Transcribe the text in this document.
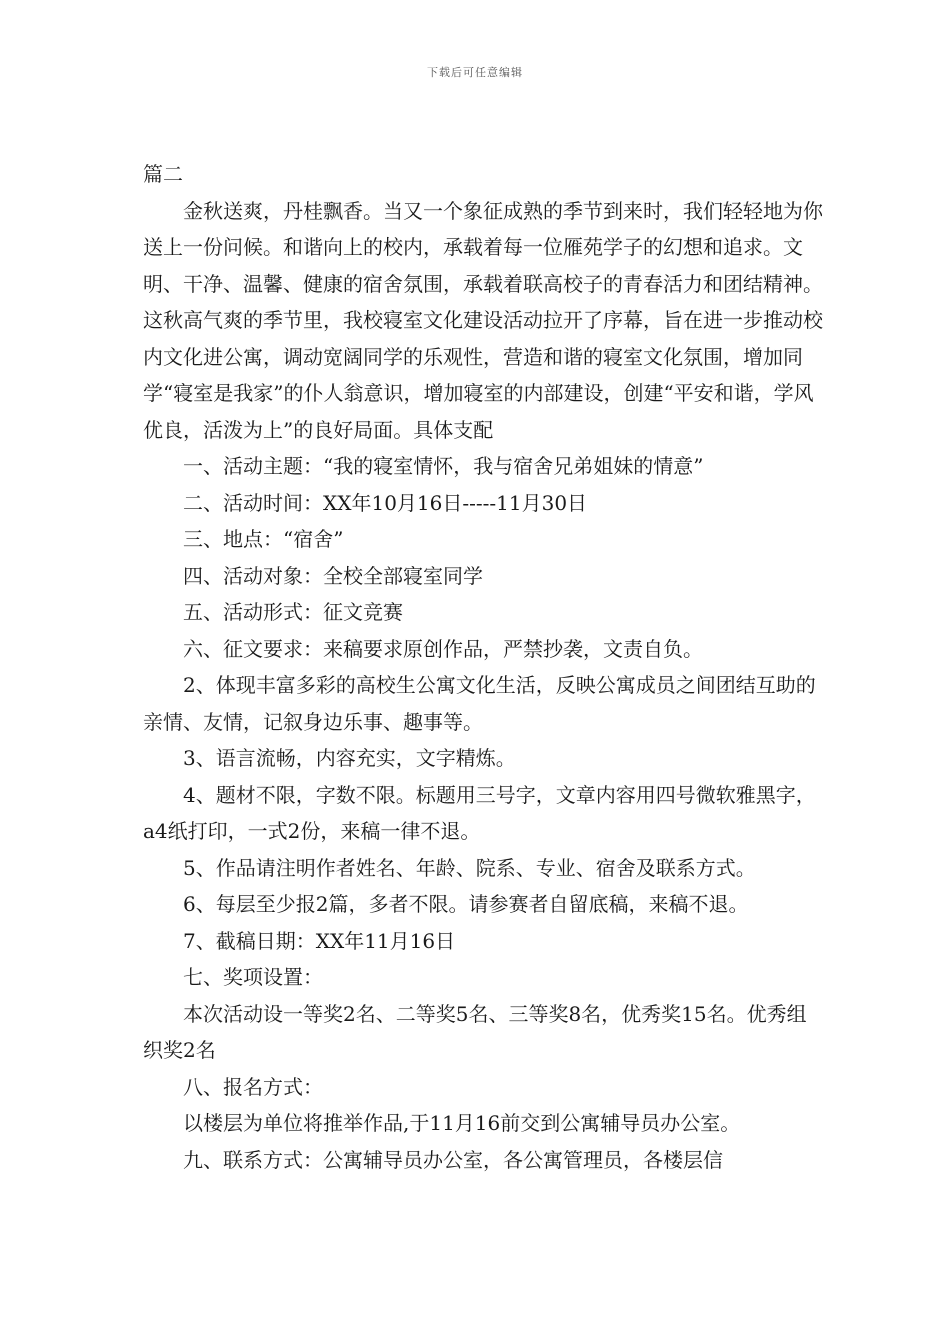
下载后可任意编辑

篇二

金秋送爽，丹桂飘香。当又一个象征成熟的季节到来时，我们轻轻地为你送上一份问候。和谐向上的校内，承载着每一位雁苑学子的幻想和追求。文明、干净、温馨、健康的宿舍氛围，承载着联高校子的青春活力和团结精神。这秋高气爽的季节里，我校寝室文化建设活动拉开了序幕，旨在进一步推动校内文化进公寓，调动宽阔同学的乐观性，营造和谐的寝室文化氛围，增加同学“寝室是我家”的仆人翁意识，增加寝室的内部建设，创建“平安和谐，学风优良，活泼为上”的良好局面。具体支配

一、活动主题：“我的寝室情怀，我与宿舍兄弟姐妹的情意”

二、活动时间：XX年10月16日-----11月30日

三、地点：“宿舍”

四、活动对象：全校全部寝室同学

五、活动形式：征文竞赛

六、征文要求：来稿要求原创作品，严禁抄袭，文责自负。

2、体现丰富多彩的高校生公寓文化生活，反映公寓成员之间团结互助的亲情、友情，记叙身边乐事、趣事等。

3、语言流畅，内容充实，文字精炼。

4、题材不限，字数不限。标题用三号字，文章内容用四号微软雅黑字，a4纸打印，一式2份，来稿一律不退。

5、作品请注明作者姓名、年龄、院系、专业、宿舍及联系方式。

6、每层至少报2篇，多者不限。请参赛者自留底稿，来稿不退。

7、截稿日期：XX年11月16日

七、奖项设置：

本次活动设一等奖2名、二等奖5名、三等奖8名，优秀奖15名。优秀组织奖2名

八、报名方式：

以楼层为单位将推举作品,于11月16前交到公寓辅导员办公室。

九、联系方式：公寓辅导员办公室，各公寓管理员，各楼层信
